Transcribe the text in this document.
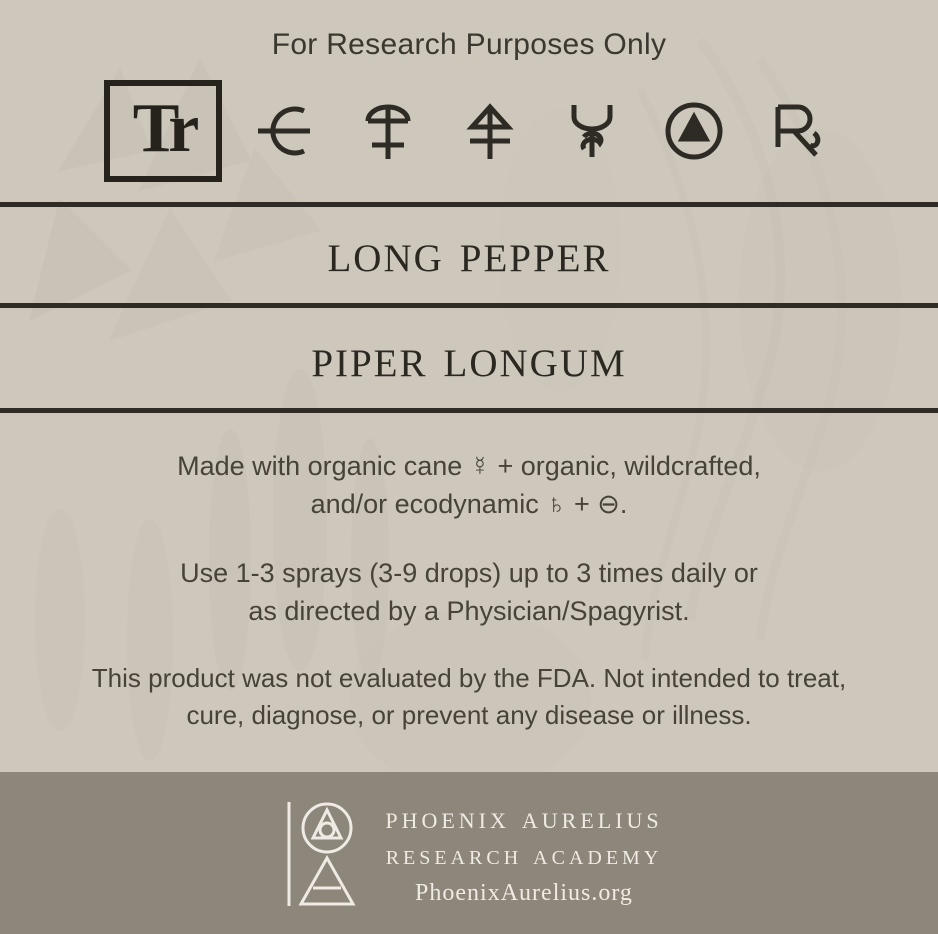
For Research Purposes Only
Tr
long pepper
piper longum

Made with organic cane ☿ + organic, wildcrafted,
and/or ecodynamic ♄ + ⊖.

Use 1-3 sprays (3-9 drops) up to 3 times daily or
as directed by a Physician/Spagyrist.

This product was not evaluated by the FDA. Not intended to treat,
cure, diagnose, or prevent any disease or illness.

phoenix aurelius
research academy
PhoenixAurelius.org
